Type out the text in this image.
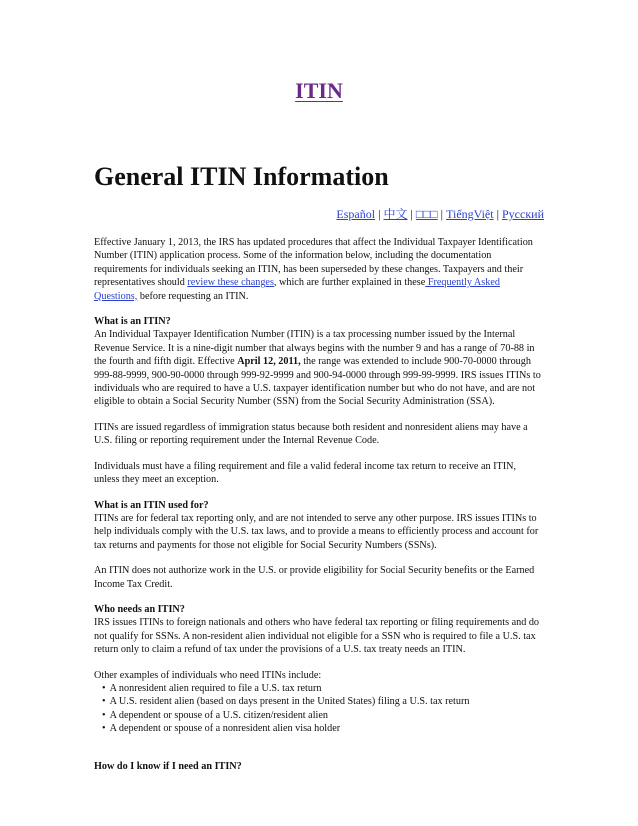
ITIN
General ITIN Information
Español | 中文 | □□□ | TiếngViệt | Русский

Effective January 1, 2013, the IRS has updated procedures that affect the Individual Taxpayer Identification Number (ITIN) application process. Some of the information below, including the documentation requirements for individuals seeking an ITIN, has been superseded by these changes. Taxpayers and their representatives should review these changes, which are further explained in these Frequently Asked Questions, before requesting an ITIN.

What is an ITIN?
An Individual Taxpayer Identification Number (ITIN) is a tax processing number issued by the Internal Revenue Service. It is a nine-digit number that always begins with the number 9 and has a range of 70-88 in the fourth and fifth digit. Effective April 12, 2011, the range was extended to include 900-70-0000 through 999-88-9999, 900-90-0000 through 999-92-9999 and 900-94-0000 through 999-99-9999. IRS issues ITINs to individuals who are required to have a U.S. taxpayer identification number but who do not have, and are not eligible to obtain a Social Security Number (SSN) from the Social Security Administration (SSA).

ITINs are issued regardless of immigration status because both resident and nonresident aliens may have a U.S. filing or reporting requirement under the Internal Revenue Code.

Individuals must have a filing requirement and file a valid federal income tax return to receive an ITIN, unless they meet an exception.

What is an ITIN used for?
ITINs are for federal tax reporting only, and are not intended to serve any other purpose. IRS issues ITINs to help individuals comply with the U.S. tax laws, and to provide a means to efficiently process and account for tax returns and payments for those not eligible for Social Security Numbers (SSNs).

An ITIN does not authorize work in the U.S. or provide eligibility for Social Security benefits or the Earned Income Tax Credit.

Who needs an ITIN?
IRS issues ITINs to foreign nationals and others who have federal tax reporting or filing requirements and do not qualify for SSNs. A non-resident alien individual not eligible for a SSN who is required to file a U.S. tax return only to claim a refund of tax under the provisions of a U.S. tax treaty needs an ITIN.

Other examples of individuals who need ITINs include:
• A nonresident alien required to file a U.S. tax return
• A U.S. resident alien (based on days present in the United States) filing a U.S. tax return
• A dependent or spouse of a U.S. citizen/resident alien
• A dependent or spouse of a nonresident alien visa holder
How do I know if I need an ITIN?
